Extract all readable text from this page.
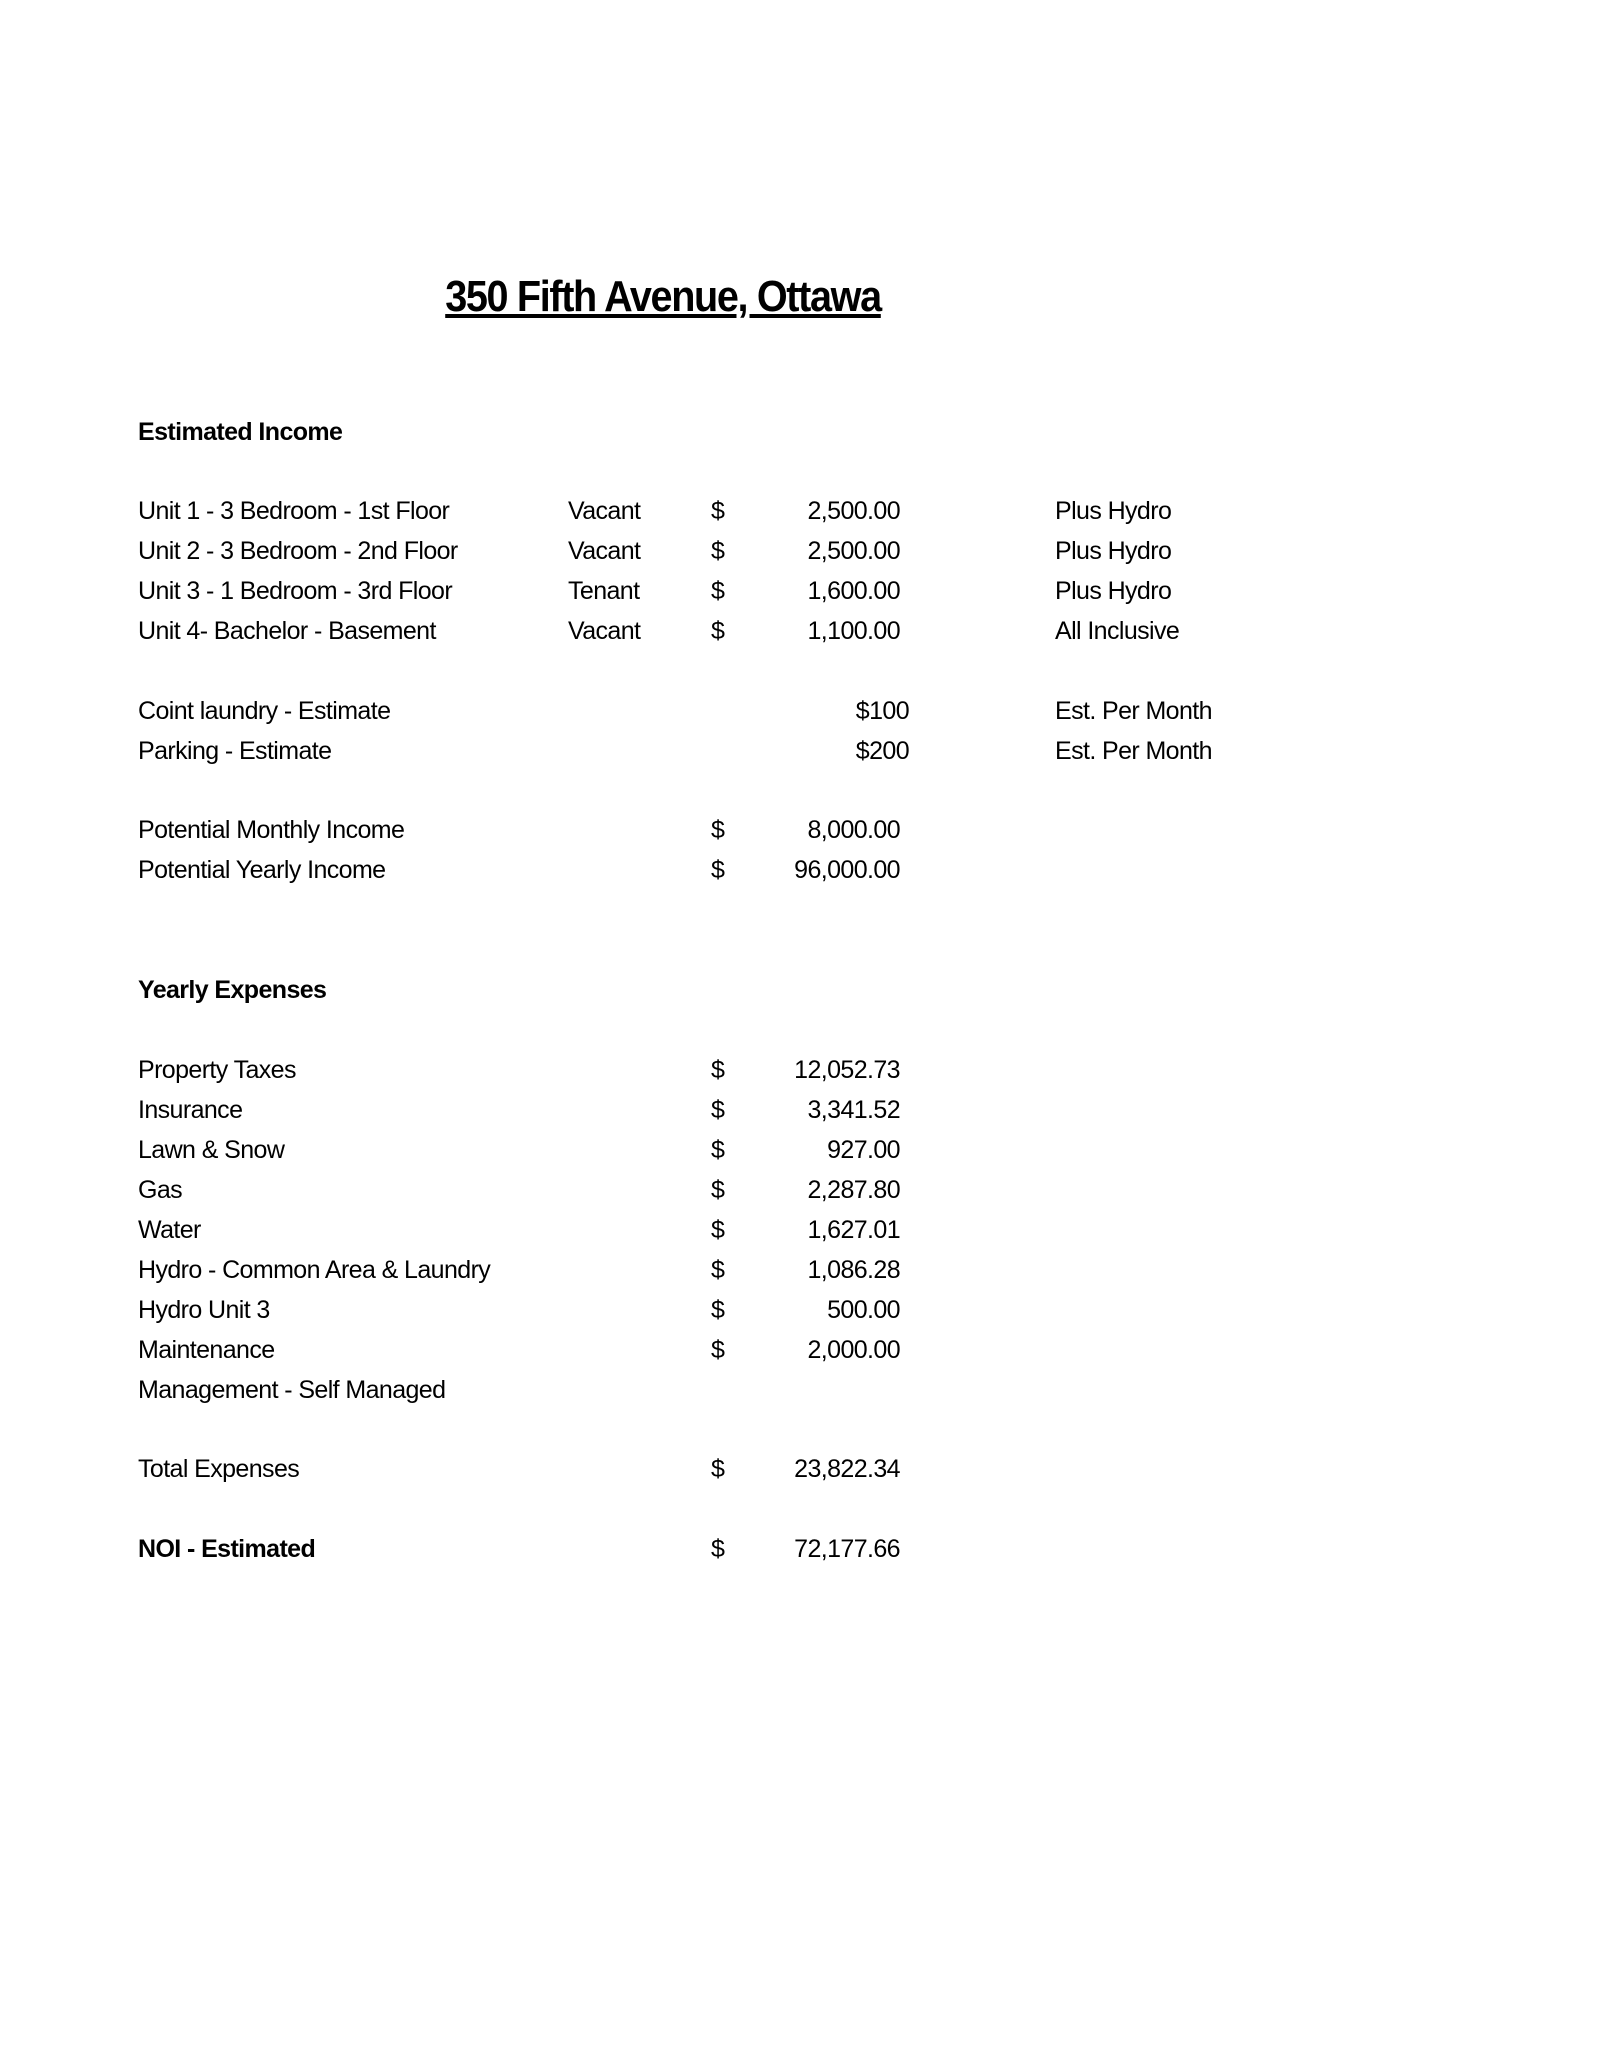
350 Fifth Avenue, Ottawa
Estimated Income
Unit 1 - 3 Bedroom - 1st Floor	Vacant	$	2,500.00	Plus Hydro
Unit 2 - 3 Bedroom - 2nd Floor	Vacant	$	2,500.00	Plus Hydro
Unit 3 - 1 Bedroom - 3rd Floor	Tenant	$	1,600.00	Plus Hydro
Unit 4- Bachelor - Basement	Vacant	$	1,100.00	All Inclusive
Coint laundry - Estimate	$100	Est. Per Month
Parking - Estimate	$200	Est. Per Month
Potential Monthly Income	$	8,000.00
Potential Yearly Income	$	96,000.00
Yearly Expenses
Property Taxes	$	12,052.73
Insurance	$	3,341.52
Lawn & Snow	$	927.00
Gas	$	2,287.80
Water	$	1,627.01
Hydro - Common Area & Laundry	$	1,086.28
Hydro Unit 3	$	500.00
Maintenance	$	2,000.00
Management - Self Managed
Total Expenses	$	23,822.34
NOI - Estimated	$	72,177.66
